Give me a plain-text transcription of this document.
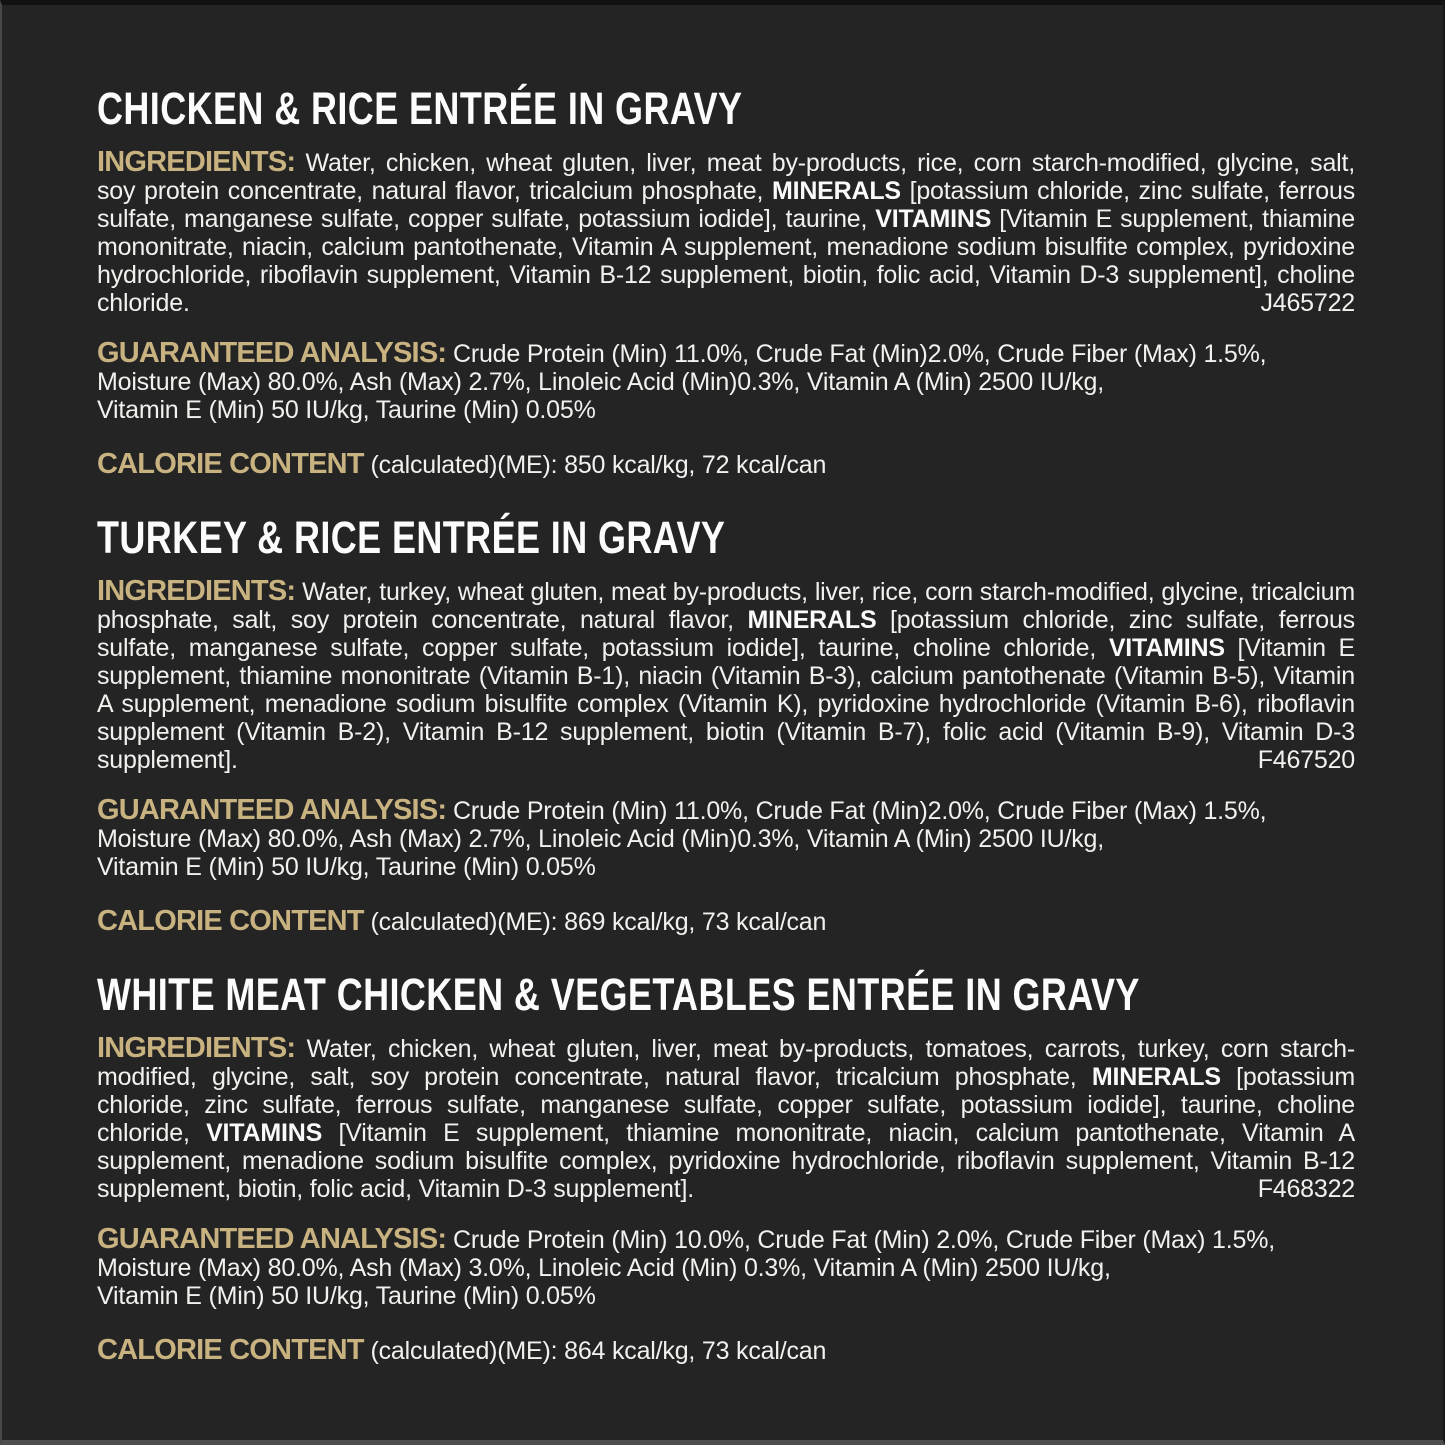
CHICKEN & RICE ENTRÉE IN GRAVY

INGREDIENTS: Water, chicken, wheat gluten, liver, meat by-products, rice, corn starch-modified, glycine, salt, soy protein concentrate, natural flavor, tricalcium phosphate, MINERALS [potassium chloride, zinc sulfate, ferrous sulfate, manganese sulfate, copper sulfate, potassium iodide], taurine, VITAMINS [Vitamin E supplement, thiamine mononitrate, niacin, calcium pantothenate, Vitamin A supplement, menadione sodium bisulfite complex, pyridoxine hydrochloride, riboflavin supplement, Vitamin B-12 supplement, biotin, folic acid, Vitamin D-3 supplement], choline chloride.	J465722

GUARANTEED ANALYSIS: Crude Protein (Min) 11.0%, Crude Fat (Min)2.0%, Crude Fiber (Max) 1.5%,
Moisture (Max) 80.0%, Ash (Max) 2.7%, Linoleic Acid (Min)0.3%, Vitamin A (Min) 2500 IU/kg,
Vitamin E (Min) 50 IU/kg, Taurine (Min) 0.05%

CALORIE CONTENT (calculated)(ME): 850 kcal/kg, 72 kcal/can

TURKEY & RICE ENTRÉE IN GRAVY

INGREDIENTS: Water, turkey, wheat gluten, meat by-products, liver, rice, corn starch-modified, glycine, tricalcium phosphate, salt, soy protein concentrate, natural flavor, MINERALS [potassium chloride, zinc sulfate, ferrous sulfate, manganese sulfate, copper sulfate, potassium iodide], taurine, choline chloride, VITAMINS [Vitamin E supplement, thiamine mononitrate (Vitamin B-1), niacin (Vitamin B-3), calcium pantothenate (Vitamin B-5), Vitamin A supplement, menadione sodium bisulfite complex (Vitamin K), pyridoxine hydrochloride (Vitamin B-6), riboflavin supplement (Vitamin B-2), Vitamin B-12 supplement, biotin (Vitamin B-7), folic acid (Vitamin B-9), Vitamin D-3 supplement].	F467520

GUARANTEED ANALYSIS: Crude Protein (Min) 11.0%, Crude Fat (Min)2.0%, Crude Fiber (Max) 1.5%,
Moisture (Max) 80.0%, Ash (Max) 2.7%, Linoleic Acid (Min)0.3%, Vitamin A (Min) 2500 IU/kg,
Vitamin E (Min) 50 IU/kg, Taurine (Min) 0.05%

CALORIE CONTENT (calculated)(ME): 869 kcal/kg, 73 kcal/can

WHITE MEAT CHICKEN & VEGETABLES ENTRÉE IN GRAVY

INGREDIENTS: Water, chicken, wheat gluten, liver, meat by-products, tomatoes, carrots, turkey, corn starch-modified, glycine, salt, soy protein concentrate, natural flavor, tricalcium phosphate, MINERALS [potassium chloride, zinc sulfate, ferrous sulfate, manganese sulfate, copper sulfate, potassium iodide], taurine, choline chloride, VITAMINS [Vitamin E supplement, thiamine mononitrate, niacin, calcium pantothenate, Vitamin A supplement, menadione sodium bisulfite complex, pyridoxine hydrochloride, riboflavin supplement, Vitamin B-12 supplement, biotin, folic acid, Vitamin D-3 supplement].	F468322

GUARANTEED ANALYSIS: Crude Protein (Min) 10.0%, Crude Fat (Min) 2.0%, Crude Fiber (Max) 1.5%,
Moisture (Max) 80.0%, Ash (Max) 3.0%, Linoleic Acid (Min) 0.3%, Vitamin A (Min) 2500 IU/kg,
Vitamin E (Min) 50 IU/kg, Taurine (Min) 0.05%

CALORIE CONTENT (calculated)(ME): 864 kcal/kg, 73 kcal/can
